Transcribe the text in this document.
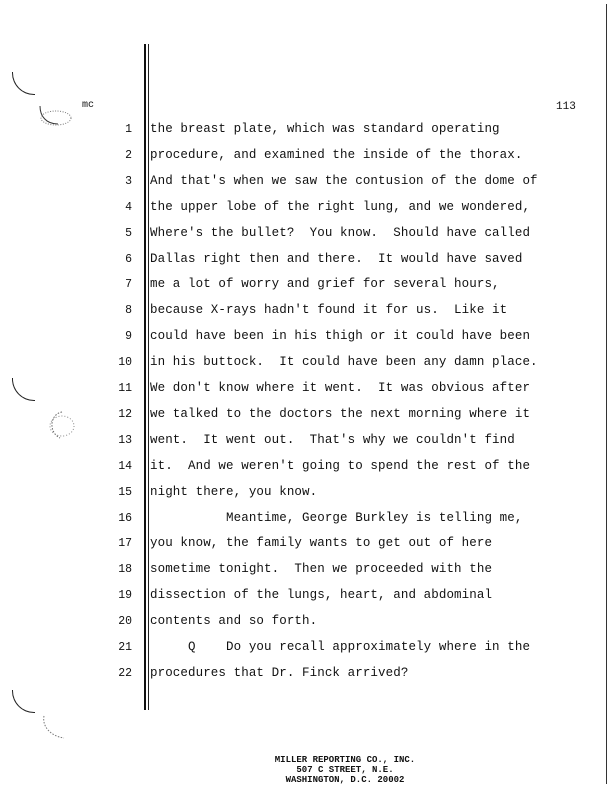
mc	113
1 the breast plate, which was standard operating
2 procedure, and examined the inside of the thorax.
3 And that's when we saw the contusion of the dome of
4 the upper lobe of the right lung, and we wondered,
5 Where's the bullet?  You know.  Should have called
6 Dallas right then and there.  It would have saved
7 me a lot of worry and grief for several hours,
8 because X-rays hadn't found it for us.  Like it
9 could have been in his thigh or it could have been
10 in his buttock.  It could have been any damn place.
11 We don't know where it went.  It was obvious after
12 we talked to the doctors the next morning where it
13 went.  It went out.  That's why we couldn't find
14 it.  And we weren't going to spend the rest of the
15 night there, you know.
16 Meantime, George Burkley is telling me,
17 you know, the family wants to get out of here
18 sometime tonight.  Then we proceeded with the
19 dissection of the lungs, heart, and abdominal
20 contents and so forth.
21 Q    Do you recall approximately where in the
22 procedures that Dr. Finck arrived?
MILLER REPORTING CO., INC.
507 C STREET, N.E.
WASHINGTON, D.C. 20002
